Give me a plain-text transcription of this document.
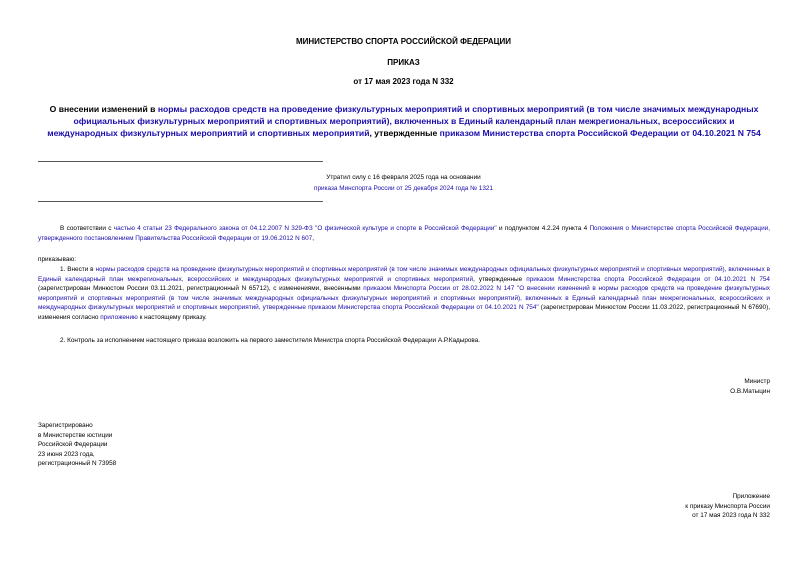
МИНИСТЕРСТВО СПОРТА РОССИЙСКОЙ ФЕДЕРАЦИИ
ПРИКАЗ
от 17 мая 2023 года N 332
О внесении изменений в нормы расходов средств на проведение физкультурных мероприятий и спортивных мероприятий (в том числе значимых международных официальных физкультурных мероприятий и спортивных мероприятий), включенных в Единый календарный план межрегиональных, всероссийских и международных физкультурных мероприятий и спортивных мероприятий, утвержденные приказом Министерства спорта Российской Федерации от 04.10.2021 N 754
Утратил силу с 16 февраля 2025 года на основании
приказа Минспорта России от 25 декабря 2024 года № 1321
В соответствии с частью 4 статьи 23 Федерального закона от 04.12.2007 N 329-ФЗ "О физической культуре и спорте в Российской Федерации" и подпунктом 4.2.24 пункта 4 Положения о Министерстве спорта Российской Федерации, утвержденного постановлением Правительства Российской Федерации от 19.06.2012 N 607,
приказываю:
1. Внести в нормы расходов средств на проведение физкультурных мероприятий и спортивных мероприятий (в том числе значимых международных официальных физкультурных мероприятий и спортивных мероприятий), включенных в Единый календарный план межрегиональных, всероссийских и международных физкультурных мероприятий и спортивных мероприятий, утвержденные приказом Министерства спорта Российской Федерации от 04.10.2021 N 754 (зарегистрирован Минюстом России 03.11.2021, регистрационный N 65712), с изменениями, внесенными приказом Минспорта России от 28.02.2022 N 147 "О внесении изменений в нормы расходов средств на проведение физкультурных мероприятий и спортивных мероприятий (в том числе значимых международных официальных физкультурных мероприятий и спортивных мероприятий), включенных в Единый календарный план межрегиональных, всероссийских и международных физкультурных мероприятий и спортивных мероприятий, утвержденные приказом Министерства спорта Российской Федерации от 04.10.2021 N 754" (зарегистрирован Минюстом России 11.03.2022, регистрационный N 67690), изменения согласно приложению к настоящему приказу.
2. Контроль за исполнением настоящего приказа возложить на первого заместителя Министра спорта Российской Федерации А.Р.Кадырова.
Министр
О.В.Матыцин
Зарегистрировано
в Министерстве юстиции
Российской Федерации
23 июня 2023 года,
регистрационный N 73958
Приложение
к приказу Минспорта России
от 17 мая 2023 года N 332
